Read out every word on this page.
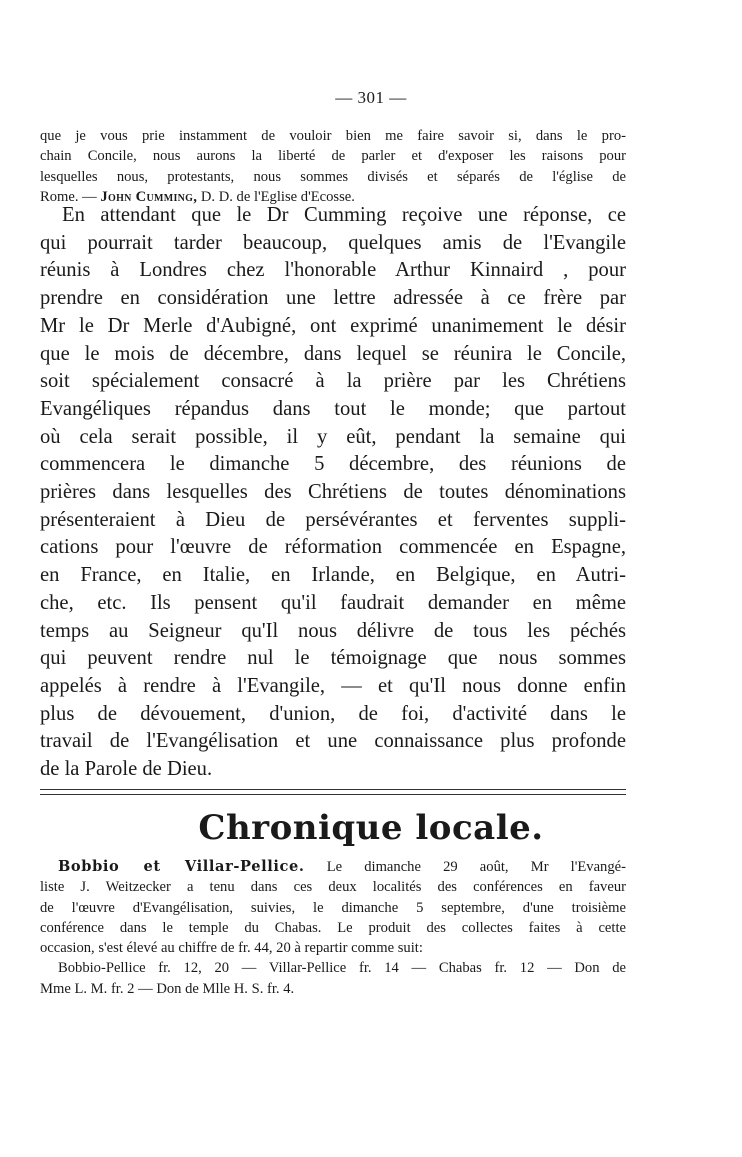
— 301 —
que je vous prie instamment de vouloir bien me faire savoir si, dans le pro-
chain Concile, nous aurons la liberté de parler et d'exposer les raisons pour
lesquelles nous, protestants, nous sommes divisés et séparés de l'église de
Rome. — John Cumming, D. D. de l'Eglise d'Ecosse.
En attendant que le Dr Cumming reçoive une réponse, ce
qui pourrait tarder beaucoup, quelques amis de l'Evangile
réunis à Londres chez l'honorable Arthur Kinnaird , pour
prendre en considération une lettre adressée à ce frère par
Mr le Dr Merle d'Aubigné, ont exprimé unanimement le désir
que le mois de décembre, dans lequel se réunira le Concile,
soit spécialement consacré à la prière par les Chrétiens
Evangéliques répandus dans tout le monde; que partout
où cela serait possible, il y eût, pendant la semaine qui
commencera le dimanche 5 décembre, des réunions de
prières dans lesquelles des Chrétiens de toutes dénominations
présenteraient à Dieu de persévérantes et ferventes suppli-
cations pour l'œuvre de réformation commencée en Espagne,
en France, en Italie, en Irlande, en Belgique, en Autri-
che, etc. Ils pensent qu'il faudrait demander en même
temps au Seigneur qu'Il nous délivre de tous les péchés
qui peuvent rendre nul le témoignage que nous sommes
appelés à rendre à l'Evangile, — et qu'Il nous donne enfin
plus de dévouement, d'union, de foi, d'activité dans le
travail de l'Evangélisation et une connaissance plus profonde
de la Parole de Dieu.
Chronique locale.
Bobbio et Villar-Pellice. Le dimanche 29 août, Mr l'Evangé-
liste J. Weitzecker a tenu dans ces deux localités des conférences en faveur
de l'œuvre d'Evangélisation, suivies, le dimanche 5 septembre, d'une troisième
conférence dans le temple du Chabas. Le produit des collectes faites à cette
occasion, s'est élevé au chiffre de fr. 44, 20 à repartir comme suit:
Bobbio-Pellice fr. 12, 20 — Villar-Pellice fr. 14 — Chabas fr. 12 — Don de
Mme L. M. fr. 2 — Don de Mlle H. S. fr. 4.
